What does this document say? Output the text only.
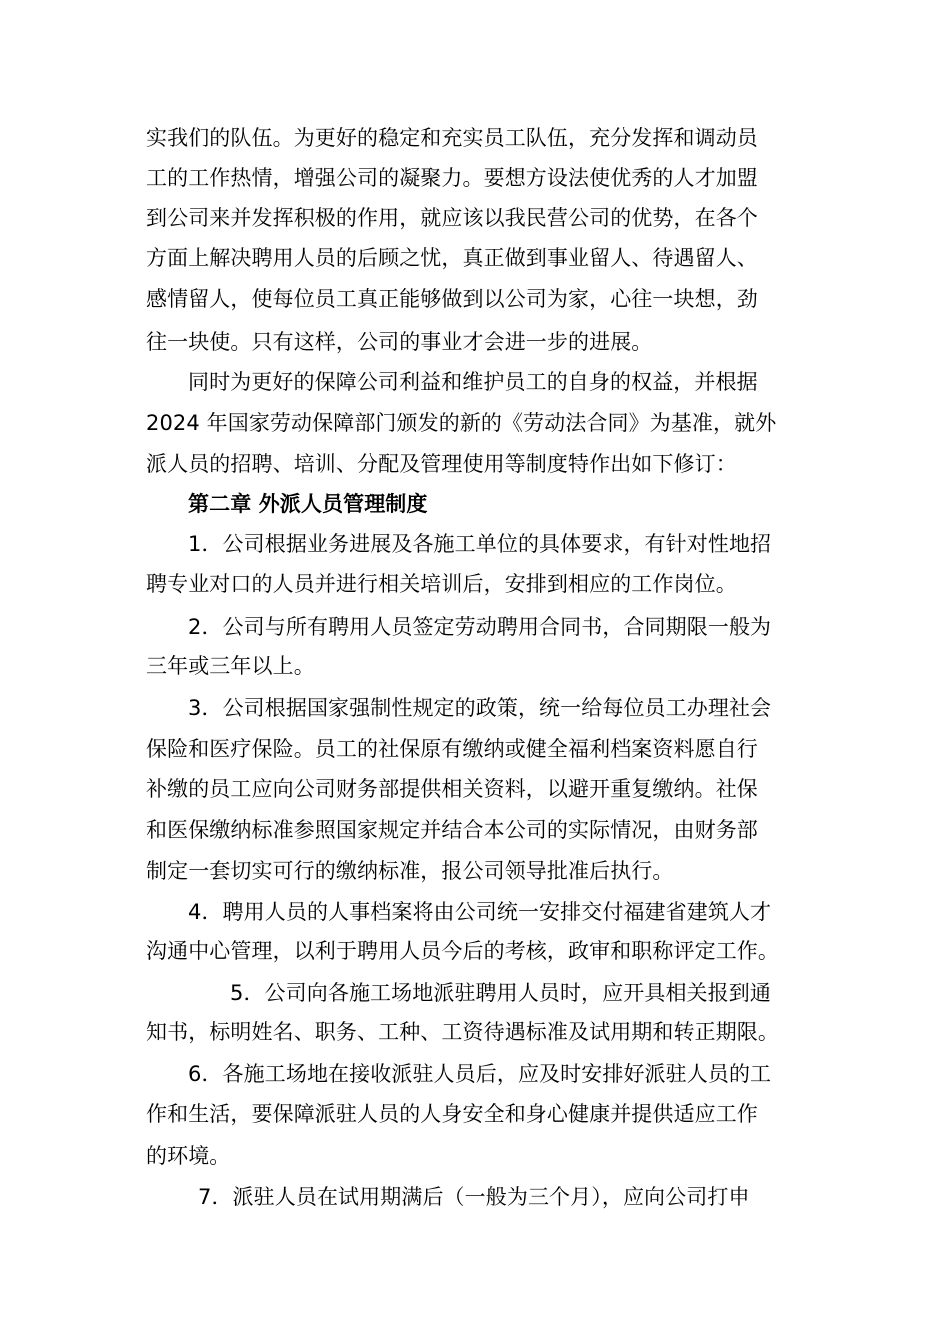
实我们的队伍。为更好的稳定和充实员工队伍，充分发挥和调动员
工的工作热情，增强公司的凝聚力。要想方设法使优秀的人才加盟
到公司来并发挥积极的作用，就应该以我民营公司的优势，在各个
方面上解决聘用人员的后顾之忧，真正做到事业留人、待遇留人、
感情留人，使每位员工真正能够做到以公司为家，心往一块想，劲
往一块使。只有这样，公司的事业才会进一步的进展。
同时为更好的保障公司利益和维护员工的自身的权益，并根据
2024 年国家劳动保障部门颁发的新的《劳动法合同》为基准，就外
派人员的招聘、培训、分配及管理使用等制度特作出如下修订：
第二章 外派人员管理制度
1．公司根据业务进展及各施工单位的具体要求，有针对性地招
聘专业对口的人员并进行相关培训后，安排到相应的工作岗位。
2．公司与所有聘用人员签定劳动聘用合同书，合同期限一般为
三年或三年以上。
3．公司根据国家强制性规定的政策，统一给每位员工办理社会
保险和医疗保险。员工的社保原有缴纳或健全福利档案资料愿自行
补缴的员工应向公司财务部提供相关资料，以避开重复缴纳。社保
和医保缴纳标准参照国家规定并结合本公司的实际情况，由财务部
制定一套切实可行的缴纳标准，报公司领导批准后执行。
4．聘用人员的人事档案将由公司统一安排交付福建省建筑人才
沟通中心管理，以利于聘用人员今后的考核，政审和职称评定工作。
5．公司向各施工场地派驻聘用人员时，应开具相关报到通
知书，标明姓名、职务、工种、工资待遇标准及试用期和转正期限。
6．各施工场地在接收派驻人员后，应及时安排好派驻人员的工
作和生活，要保障派驻人员的人身安全和身心健康并提供适应工作
的环境。
7．派驻人员在试用期满后（一般为三个月），应向公司打申
